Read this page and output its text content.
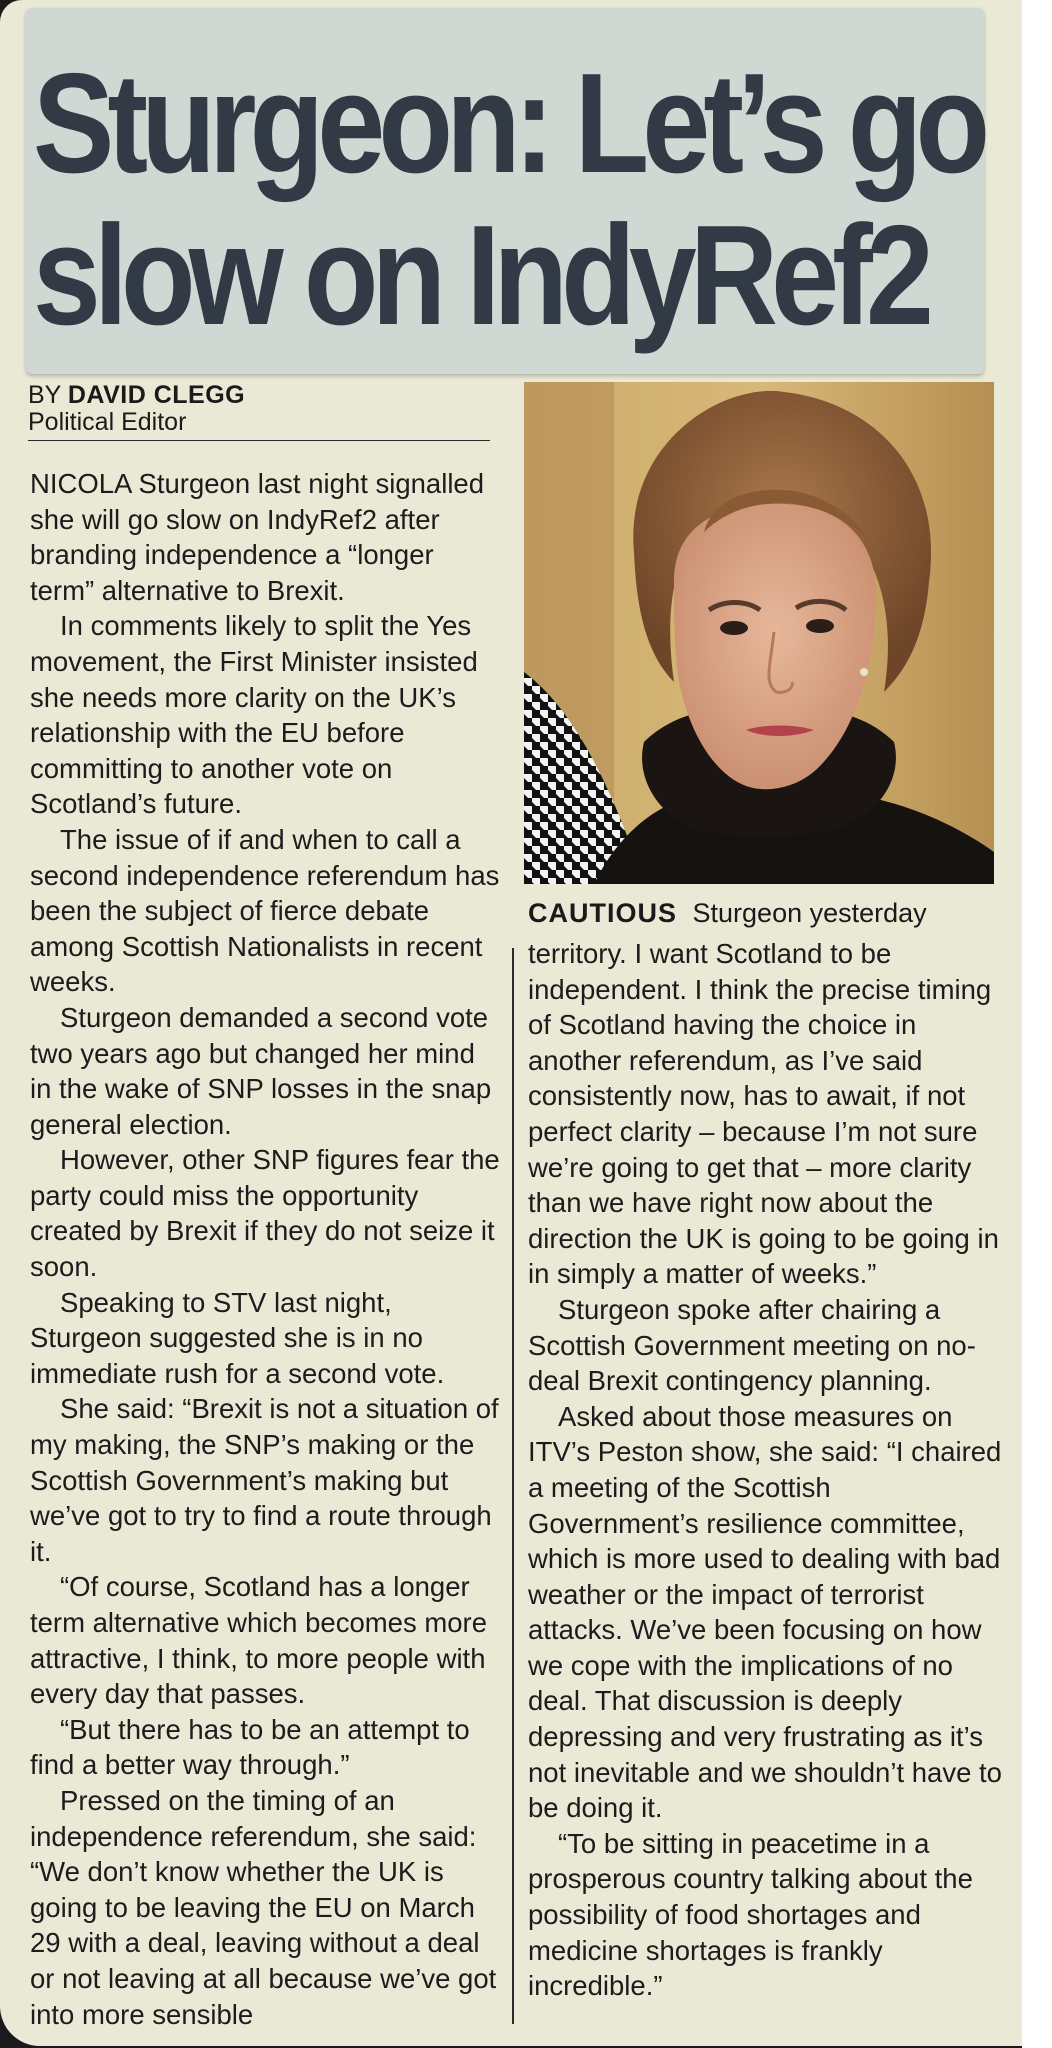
Sturgeon: Let’s go
slow on IndyRef2
BY DAVID CLEGG
Political Editor

NICOLA Sturgeon last night signalled she will go slow on IndyRef2 after branding independence a “longer term” alternative to Brexit.

In comments likely to split the Yes movement, the First Minister insisted she needs more clarity on the UK’s relationship with the EU before committing to another vote on Scotland’s future.

The issue of if and when to call a second independence referendum has been the subject of fierce debate among Scottish Nationalists in recent weeks.

Sturgeon demanded a second vote two years ago but changed her mind in the wake of SNP losses in the snap general election.

However, other SNP figures fear the party could miss the opportunity created by Brexit if they do not seize it soon.

Speaking to STV last night, Sturgeon suggested she is in no immediate rush for a second vote.

She said: “Brexit is not a situation of my making, the SNP’s making or the Scottish Government’s making but we’ve got to try to find a route through it.

“Of course, Scotland has a longer term alternative which becomes more attractive, I think, to more people with every day that passes.

“But there has to be an attempt to find a better way through.”

Pressed on the timing of an independence referendum, she said: “We don’t know whether the UK is going to be leaving the EU on March 29 with a deal, leaving without a deal or not leaving at all because we’ve got into more sensible

CAUTIOUS Sturgeon yesterday

territory. I want Scotland to be independent. I think the precise timing of Scotland having the choice in another referendum, as I’ve said consistently now, has to await, if not perfect clarity – because I’m not sure we’re going to get that – more clarity than we have right now about the direction the UK is going to be going in in simply a matter of weeks.”

Sturgeon spoke after chairing a Scottish Government meeting on no-deal Brexit contingency planning.

Asked about those measures on ITV’s Peston show, she said: “I chaired a meeting of the Scottish Government’s resilience committee, which is more used to dealing with bad weather or the impact of terrorist attacks. We’ve been focusing on how we cope with the implications of no deal. That discussion is deeply depressing and very frustrating as it’s not inevitable and we shouldn’t have to be doing it.

“To be sitting in peacetime in a prosperous country talking about the possibility of food shortages and medicine shortages is frankly incredible.”
